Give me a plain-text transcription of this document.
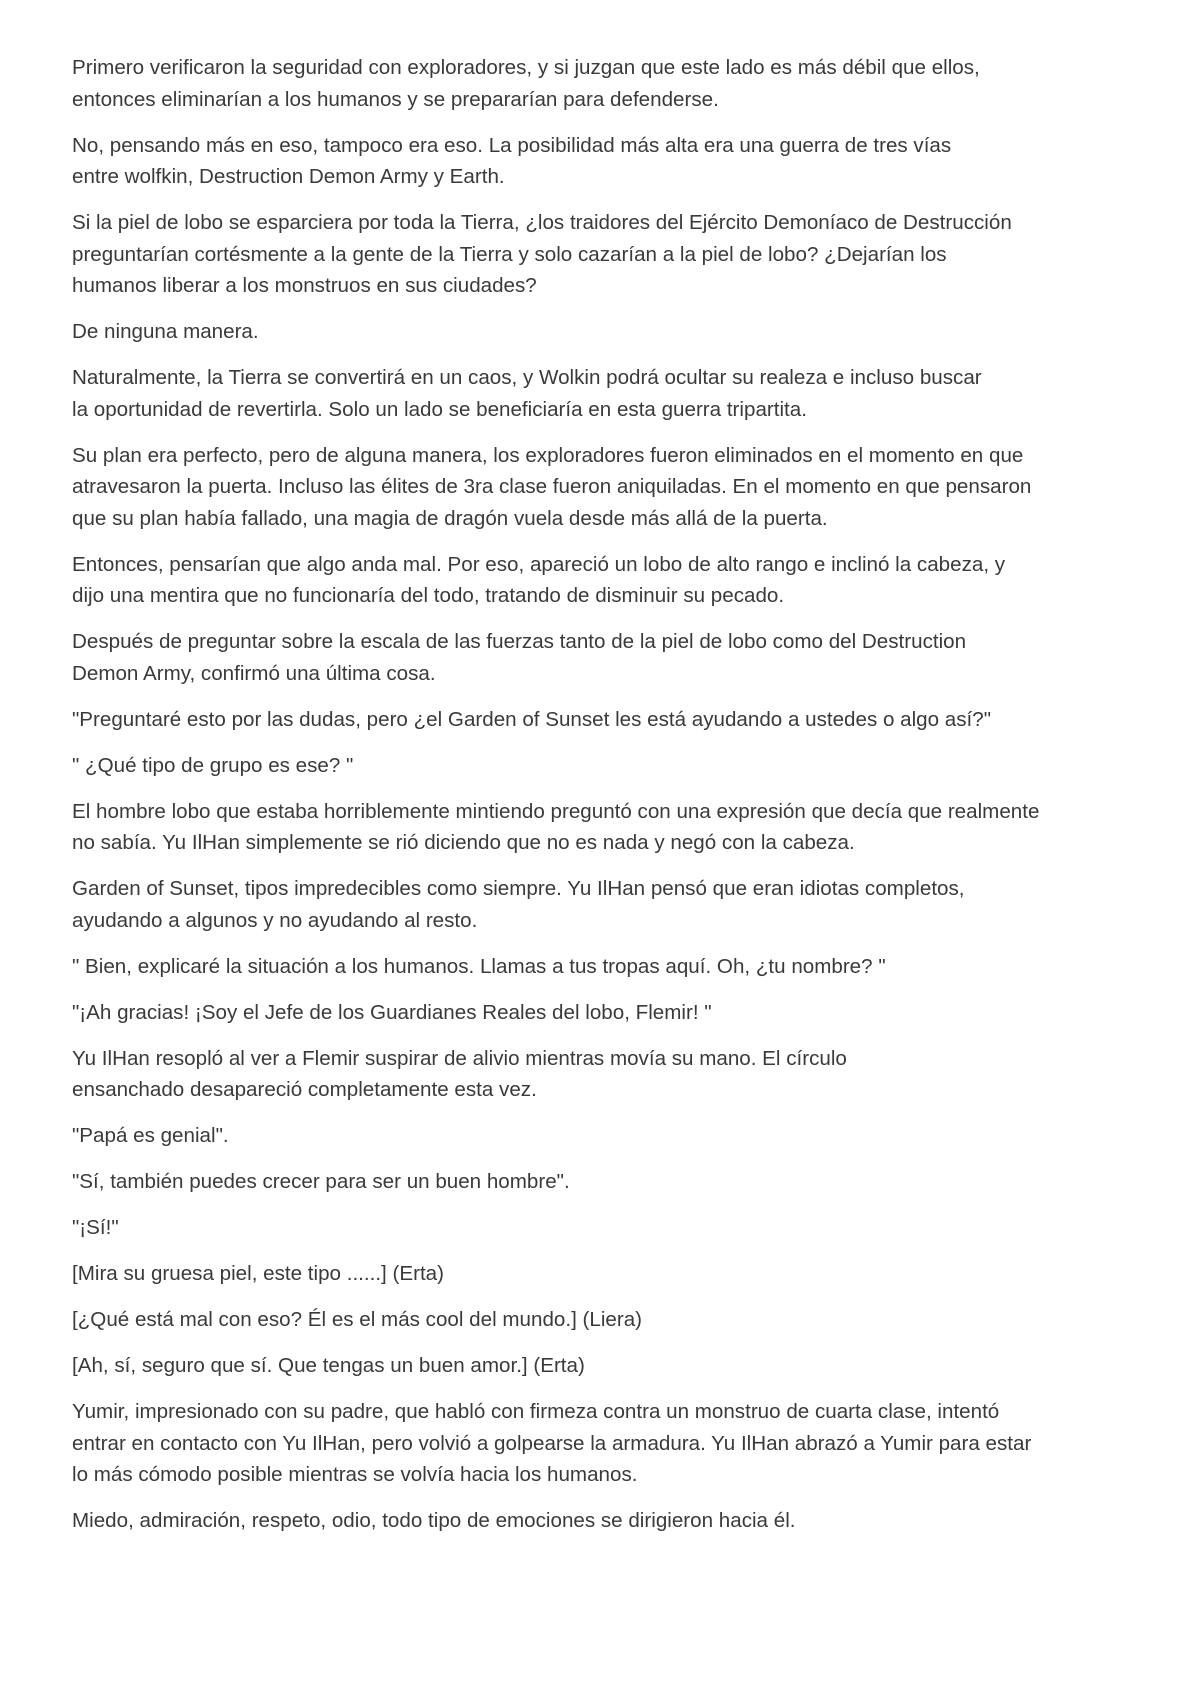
Primero verificaron la seguridad con exploradores, y si juzgan que este lado es más débil que ellos,
entonces eliminarían a los humanos y se prepararían para defenderse.

No, pensando más en eso, tampoco era eso. La posibilidad más alta era una guerra de tres vías
entre wolfkin, Destruction Demon Army y Earth.

Si la piel de lobo se esparciera por toda la Tierra, ¿los traidores del Ejército Demoníaco de Destrucción
preguntarían cortésmente a la gente de la Tierra y solo cazarían a la piel de lobo? ¿Dejarían los
humanos liberar a los monstruos en sus ciudades?

De ninguna manera.

Naturalmente, la Tierra se convertirá en un caos, y Wolkin podrá ocultar su realeza e incluso buscar
la oportunidad de revertirla. Solo un lado se beneficiaría en esta guerra tripartita.

Su plan era perfecto, pero de alguna manera, los exploradores fueron eliminados en el momento en que
atravesaron la puerta. Incluso las élites de 3ra clase fueron aniquiladas. En el momento en que pensaron
que su plan había fallado, una magia de dragón vuela desde más allá de la puerta.

Entonces, pensarían que algo anda mal. Por eso, apareció un lobo de alto rango e inclinó la cabeza, y
dijo una mentira que no funcionaría del todo, tratando de disminuir su pecado.

Después de preguntar sobre la escala de las fuerzas tanto de la piel de lobo como del Destruction
Demon Army, confirmó una última cosa.

"Preguntaré esto por las dudas, pero ¿el Garden of Sunset les está ayudando a ustedes o algo así?"

" ¿Qué tipo de grupo es ese? "

El hombre lobo que estaba horriblemente mintiendo preguntó con una expresión que decía que realmente
no sabía. Yu IlHan simplemente se rió diciendo que no es nada y negó con la cabeza.

Garden of Sunset, tipos impredecibles como siempre. Yu IlHan pensó que eran idiotas completos,
ayudando a algunos y no ayudando al resto.

" Bien, explicaré la situación a los humanos. Llamas a tus tropas aquí. Oh, ¿tu nombre? "

"¡Ah gracias! ¡Soy el Jefe de los Guardianes Reales del lobo, Flemir! "

Yu IlHan resopló al ver a Flemir suspirar de alivio mientras movía su mano. El círculo
ensanchado desapareció completamente esta vez.

"Papá es genial".

"Sí, también puedes crecer para ser un buen hombre".

"¡Sí!"

[Mira su gruesa piel, este tipo ......] (Erta)

[¿Qué está mal con eso? Él es el más cool del mundo.] (Liera)

[Ah, sí, seguro que sí. Que tengas un buen amor.] (Erta)

Yumir, impresionado con su padre, que habló con firmeza contra un monstruo de cuarta clase, intentó
entrar en contacto con Yu IlHan, pero volvió a golpearse la armadura. Yu IlHan abrazó a Yumir para estar
lo más cómodo posible mientras se volvía hacia los humanos.

Miedo, admiración, respeto, odio, todo tipo de emociones se dirigieron hacia él.
